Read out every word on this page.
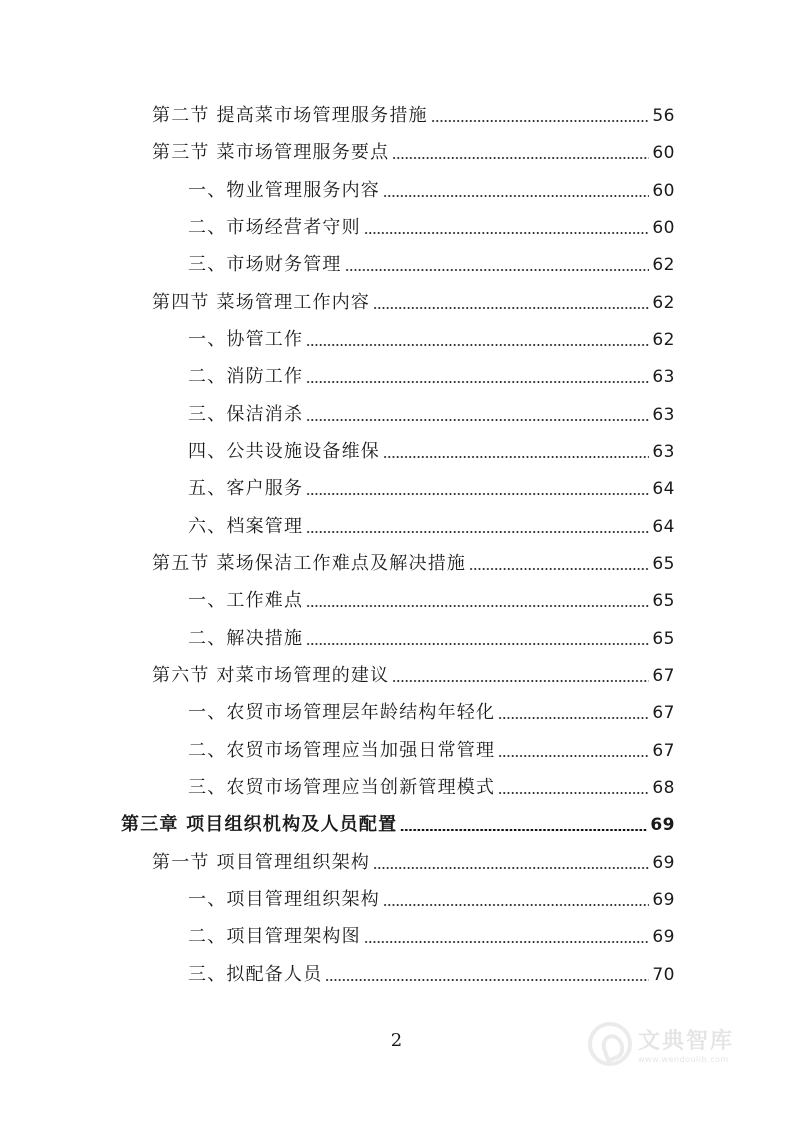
第二节 提高菜市场管理服务措施	56
第三节 菜市场管理服务要点	60
一、物业管理服务内容	60
二、市场经营者守则	60
三、市场财务管理	62
第四节 菜场管理工作内容	62
一、协管工作	62
二、消防工作	63
三、保洁消杀	63
四、公共设施设备维保	63
五、客户服务	64
六、档案管理	64
第五节 菜场保洁工作难点及解决措施	65
一、工作难点	65
二、解决措施	65
第六节 对菜市场管理的建议	67
一、农贸市场管理层年龄结构年轻化	67
二、农贸市场管理应当加强日常管理	67
三、农贸市场管理应当创新管理模式	68
第三章 项目组织机构及人员配置	69
第一节 项目管理组织架构	69
一、项目管理组织架构	69
二、项目管理架构图	69
三、拟配备人员	70
2	文典智库
www.wendoulib.com
